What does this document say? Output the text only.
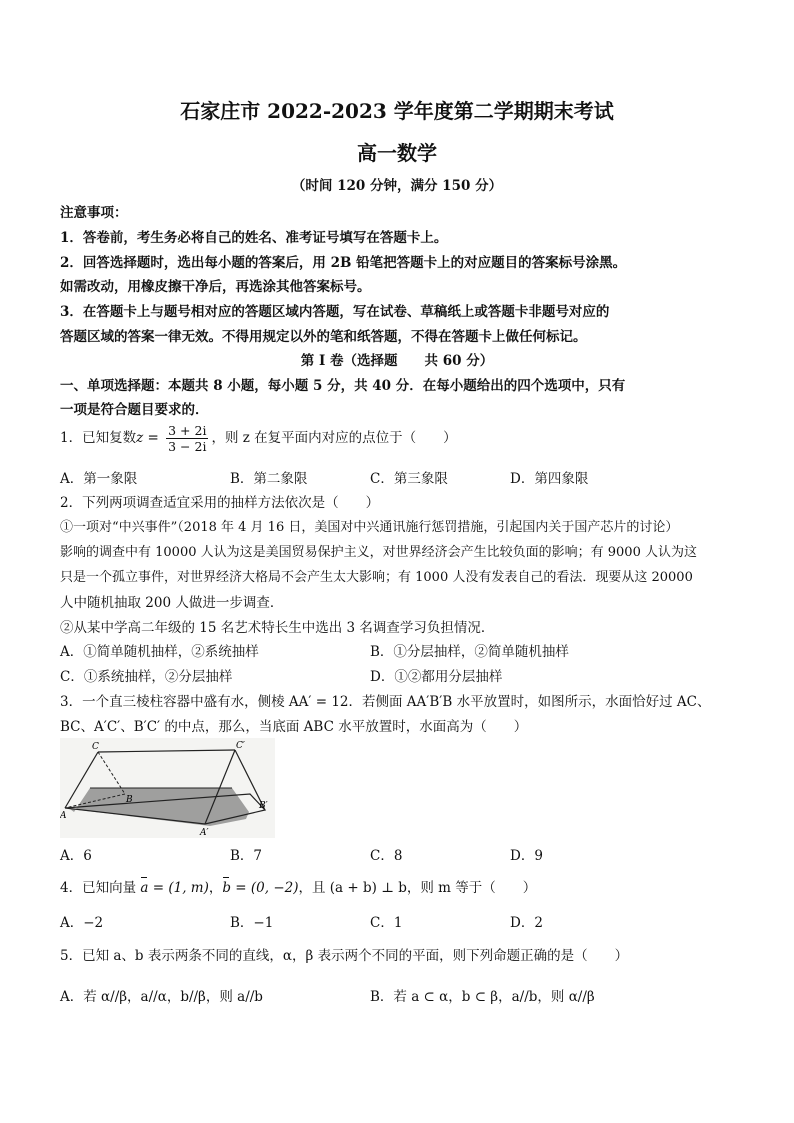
石家庄市 2022-2023 学年度第二学期期末考试
高一数学
（时间 120 分钟，满分 150 分）
注意事项：
1．答卷前，考生务必将自己的姓名、准考证号填写在答题卡上。
2．回答选择题时，选出每小题的答案后，用 2B 铅笔把答题卡上的对应题目的答案标号涂黑。
如需改动，用橡皮擦干净后，再选涂其他答案标号。
3．在答题卡上与题号相对应的答题区域内答题，写在试卷、草稿纸上或答题卡非题号对应的
答题区域的答案一律无效。不得用规定以外的笔和纸答题，不得在答题卡上做任何标记。
第 Ⅰ 卷（选择题　　共 60 分）
一、单项选择题：本题共 8 小题，每小题 5 分，共 40 分．在每小题给出的四个选项中，只有
一项是符合题目要求的．
1．已知复数$z = \frac{3 + 2i}{3 - 2i}$ ，则 z 在复平面内对应的点位于（　　）
A．第一象限	B．第二象限	C．第三象限	D．第四象限
2．下列两项调查适宜采用的抽样方法依次是（　　）
①一项对“中兴事件”（2018 年 4 月 16 日，美国对中兴通讯施行惩罚措施，引起国内关于国产芯片的讨论）
影响的调查中有 10000 人认为这是美国贸易保护主义，对世界经济会产生比较负面的影响；有 9000 人认为这
只是一个孤立事件，对世界经济大格局不会产生太大影响；有 1000 人没有发表自己的看法．现要从这 20000
人中随机抽取 200 人做进一步调查．
②从某中学高二年级的 15 名艺术特长生中选出 3 名调查学习负担情况．
A．①简单随机抽样，②系统抽样	B．①分层抽样，②简单随机抽样
C．①系统抽样，②分层抽样	D．①②都用分层抽样
3．一个直三棱柱容器中盛有水，侧棱 AA′ = 12．若侧面 AA′B′B 水平放置时，如图所示，水面恰好过 AC、
BC、A′C′、B′C′ 的中点，那么，当底面 ABC 水平放置时，水面高为（　　）
C
A
B
C′
A′
B′
A．6	B．7	C．8	D．9
4．已知向量 a = (1, m)，b = (0, −2)，且 (a + b) ⊥ b，则 m 等于（　　）
A．−2	B．−1	C．1	D．2
5．已知 a、b 表示两条不同的直线，α，β 表示两个不同的平面，则下列命题正确的是（　　）
A．若 α//β，a//α，b//β，则 a//b	B．若 a ⊂ α，b ⊂ β，a//b，则 α//β
